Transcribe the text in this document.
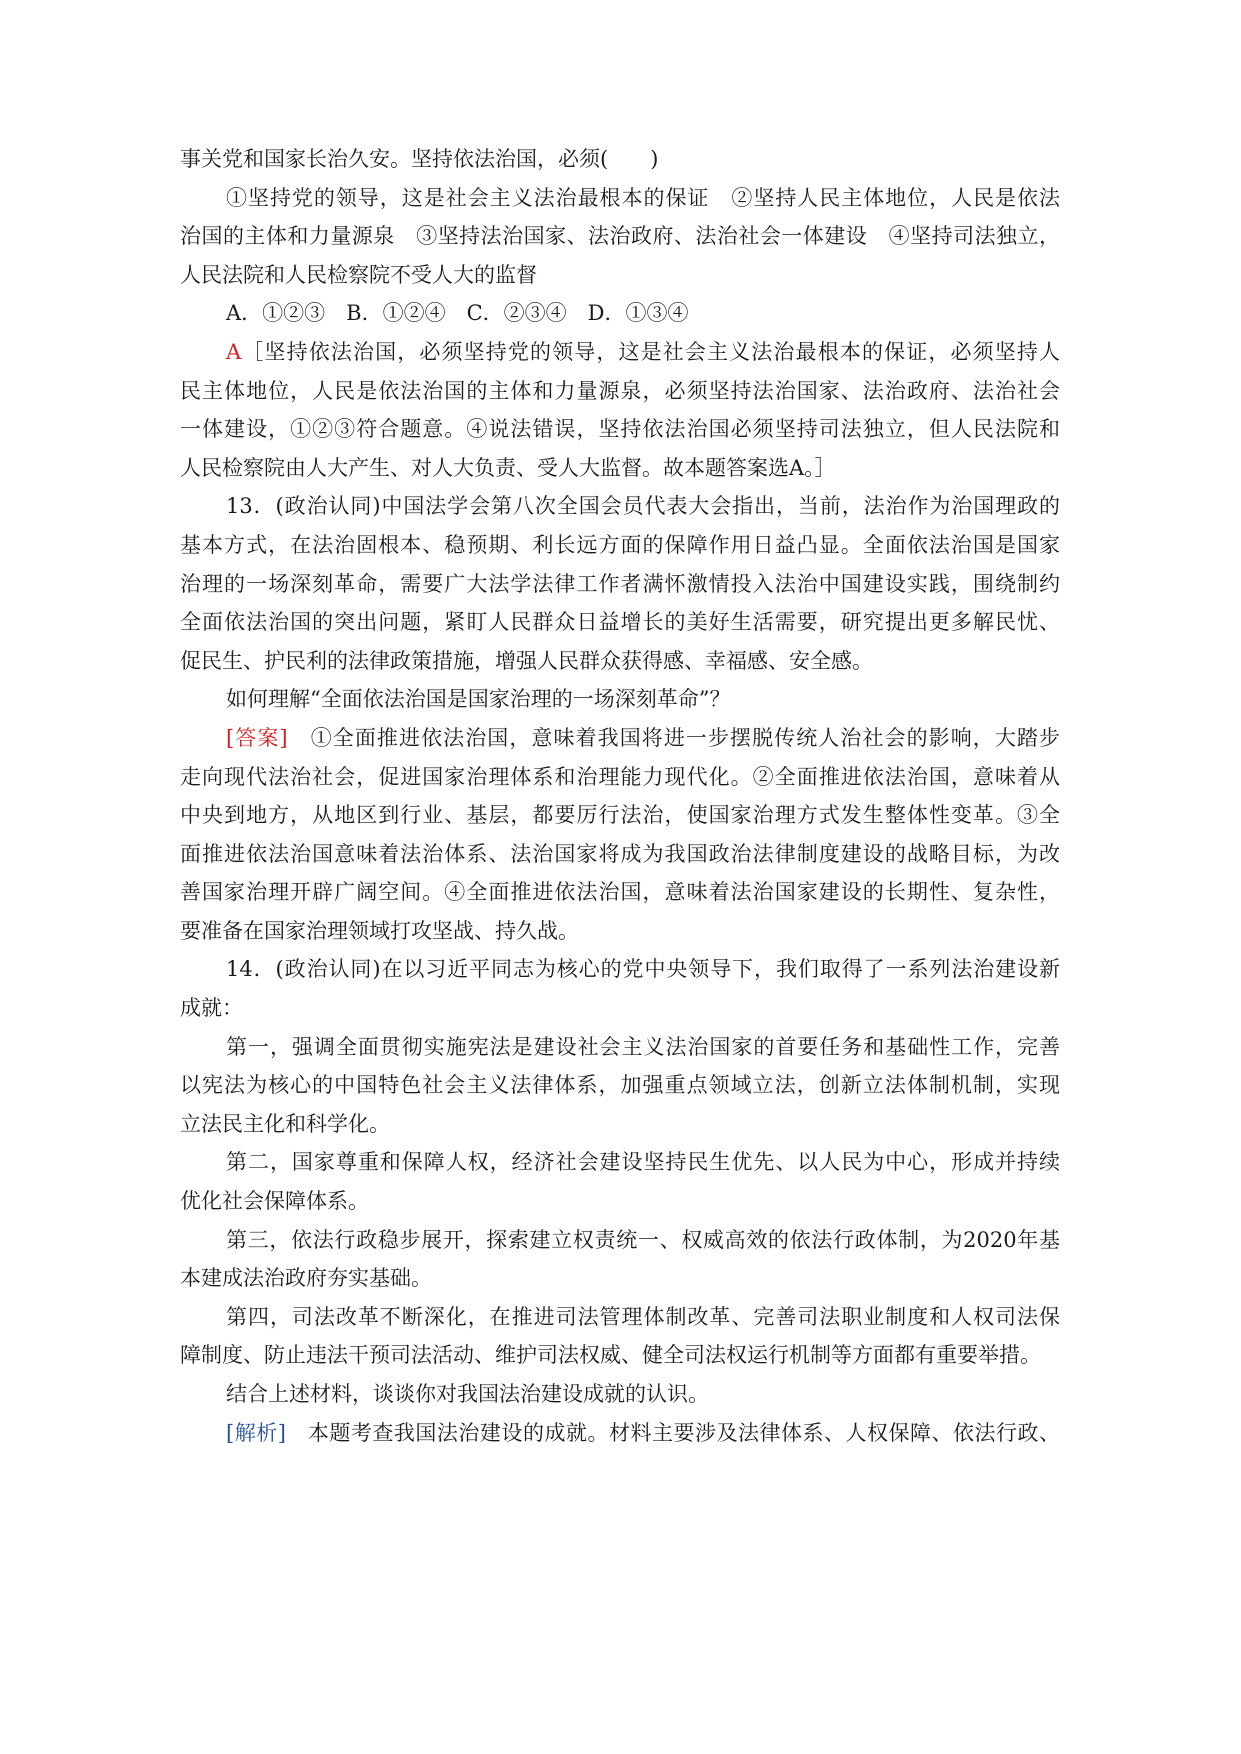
事关党和国家长治久安。坚持依法治国，必须(　　)
①坚持党的领导，这是社会主义法治最根本的保证　②坚持人民主体地位，人民是依法
治国的主体和力量源泉　③坚持法治国家、法治政府、法治社会一体建设　④坚持司法独立，
人民法院和人民检察院不受人大的监督
A．①②③　B．①②④　C．②③④　D．①③④
A［坚持依法治国，必须坚持党的领导，这是社会主义法治最根本的保证，必须坚持人
民主体地位，人民是依法治国的主体和力量源泉，必须坚持法治国家、法治政府、法治社会
一体建设，①②③符合题意。④说法错误，坚持依法治国必须坚持司法独立，但人民法院和
人民检察院由人大产生、对人大负责、受人大监督。故本题答案选A。］
13．(政治认同)中国法学会第八次全国会员代表大会指出，当前，法治作为治国理政的
基本方式，在法治固根本、稳预期、利长远方面的保障作用日益凸显。全面依法治国是国家
治理的一场深刻革命，需要广大法学法律工作者满怀激情投入法治中国建设实践，围绕制约
全面依法治国的突出问题，紧盯人民群众日益增长的美好生活需要，研究提出更多解民忧、
促民生、护民利的法律政策措施，增强人民群众获得感、幸福感、安全感。
如何理解“全面依法治国是国家治理的一场深刻革命”？
[答案]　①全面推进依法治国，意味着我国将进一步摆脱传统人治社会的影响，大踏步
走向现代法治社会，促进国家治理体系和治理能力现代化。②全面推进依法治国，意味着从
中央到地方，从地区到行业、基层，都要厉行法治，使国家治理方式发生整体性变革。③全
面推进依法治国意味着法治体系、法治国家将成为我国政治法律制度建设的战略目标，为改
善国家治理开辟广阔空间。④全面推进依法治国，意味着法治国家建设的长期性、复杂性，
要准备在国家治理领域打攻坚战、持久战。
14．(政治认同)在以习近平同志为核心的党中央领导下，我们取得了一系列法治建设新
成就：
第一，强调全面贯彻实施宪法是建设社会主义法治国家的首要任务和基础性工作，完善
以宪法为核心的中国特色社会主义法律体系，加强重点领域立法，创新立法体制机制，实现
立法民主化和科学化。
第二，国家尊重和保障人权，经济社会建设坚持民生优先、以人民为中心，形成并持续
优化社会保障体系。
第三，依法行政稳步展开，探索建立权责统一、权威高效的依法行政体制，为2020年基
本建成法治政府夯实基础。
第四，司法改革不断深化，在推进司法管理体制改革、完善司法职业制度和人权司法保
障制度、防止违法干预司法活动、维护司法权威、健全司法权运行机制等方面都有重要举措。
结合上述材料，谈谈你对我国法治建设成就的认识。
[解析]　本题考查我国法治建设的成就。材料主要涉及法律体系、人权保障、依法行政、
